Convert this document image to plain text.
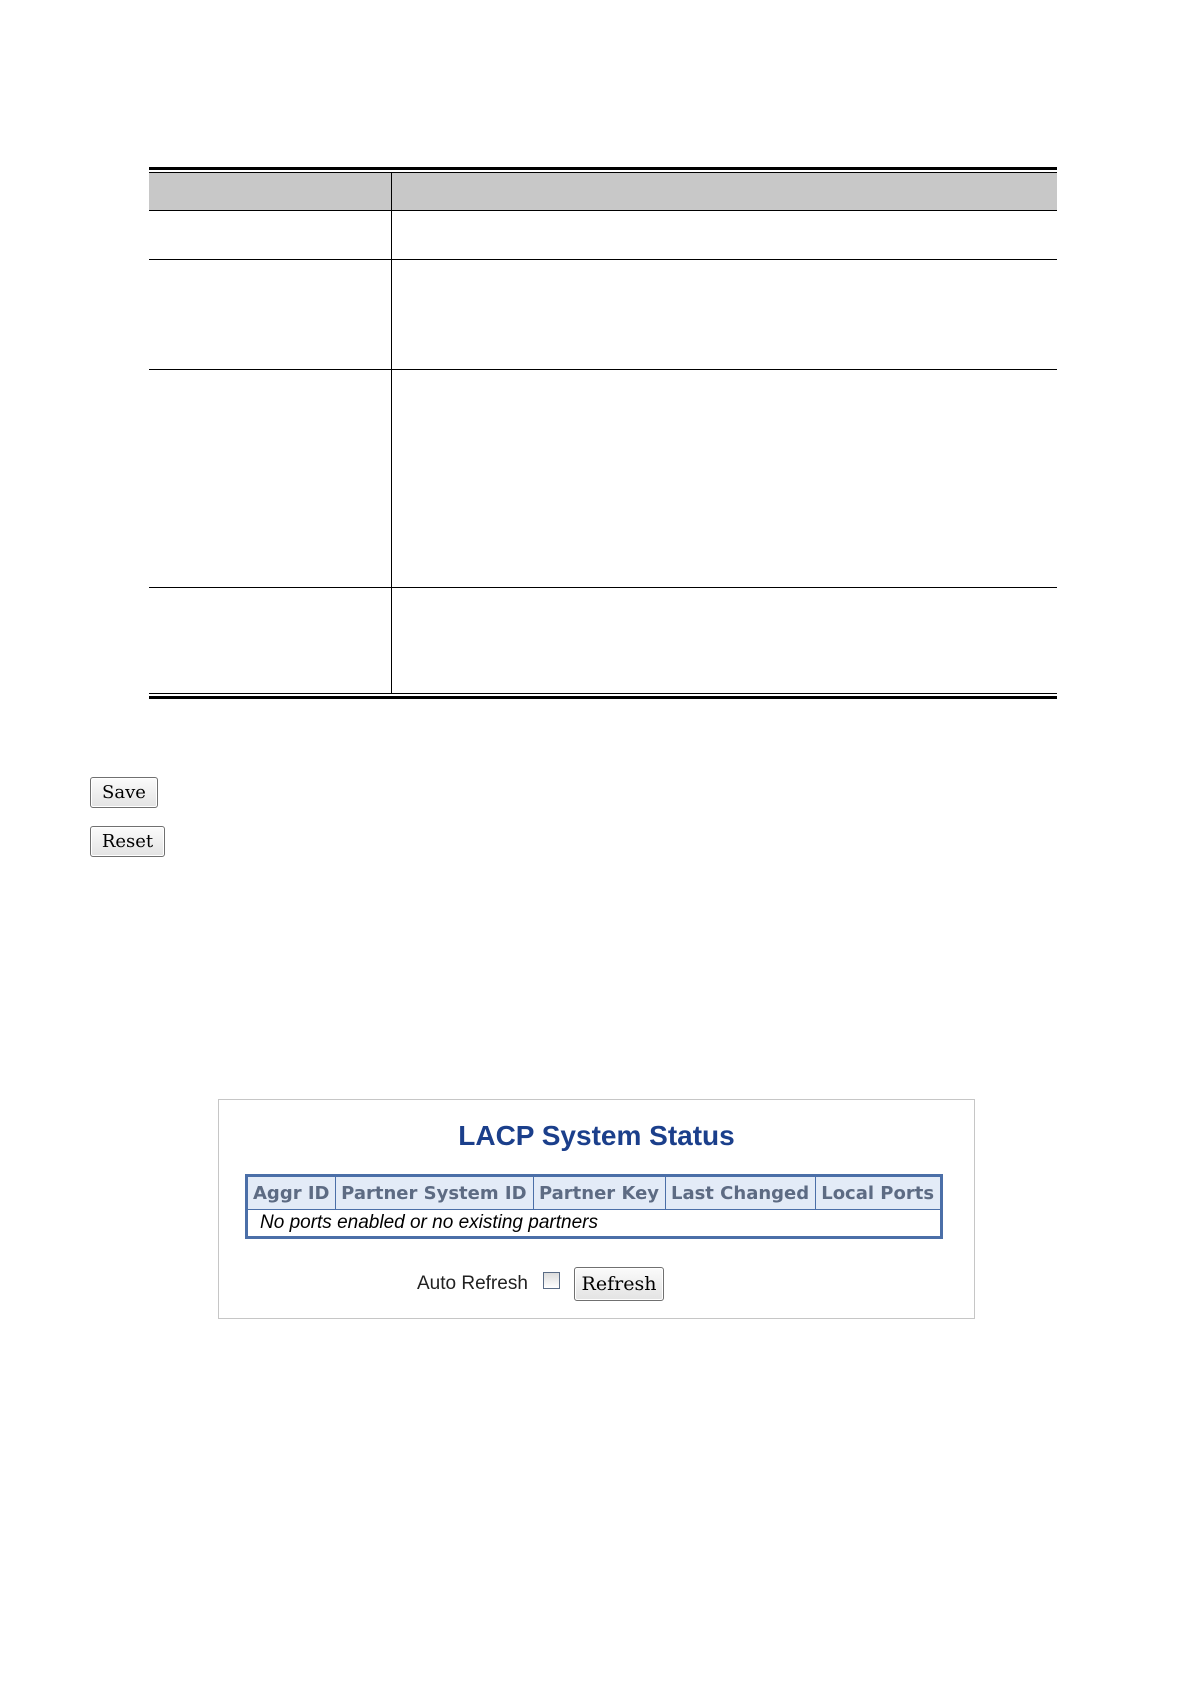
Save
Reset
LACP System Status
Aggr ID	Partner System ID	Partner Key	Last Changed	Local Ports
No ports enabled or no existing partners
Auto Refresh	Refresh
